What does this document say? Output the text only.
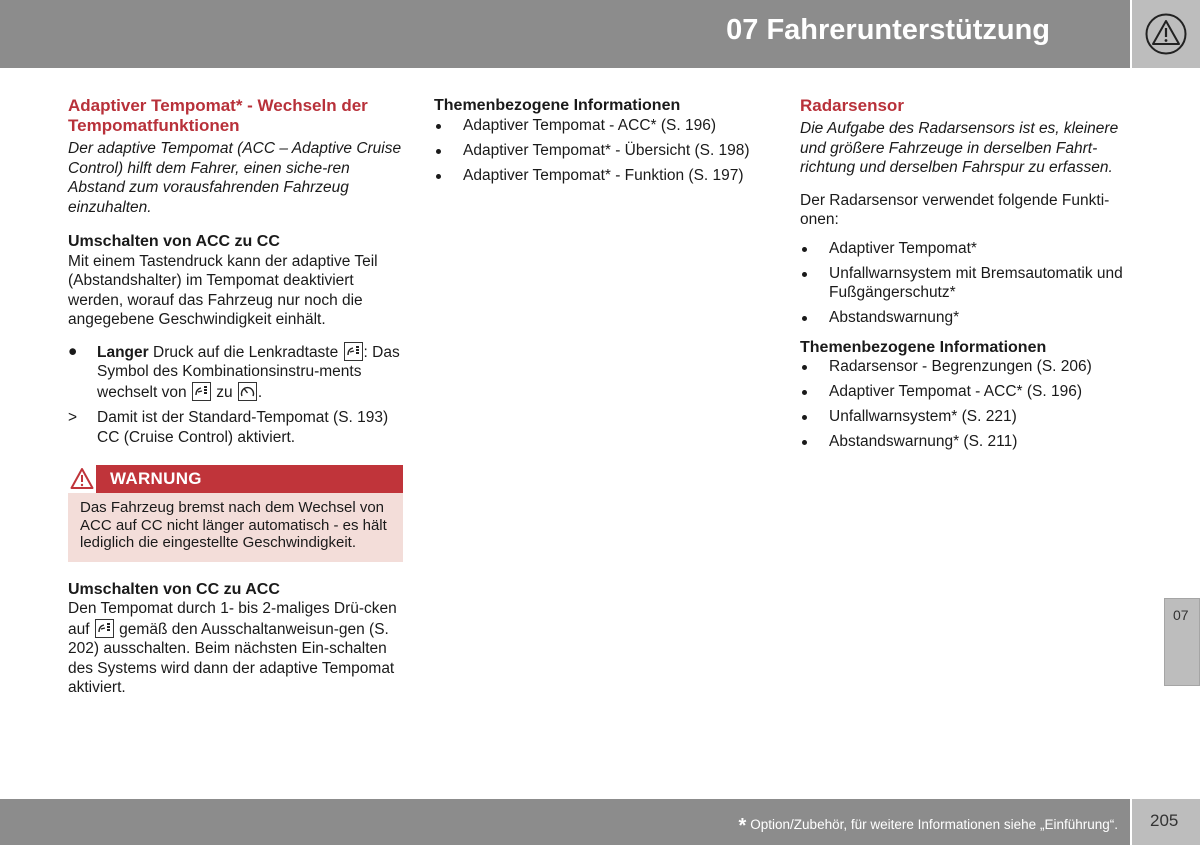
07 Fahrerunterstützung
Adaptiver Tempomat* - Wechseln der Tempomatfunktionen

Der adaptive Tempomat (ACC – Adaptive Cruise Control) hilft dem Fahrer, einen siche-ren Abstand zum vorausfahrenden Fahrzeug einzuhalten.

Umschalten von ACC zu CC

Mit einem Tastendruck kann der adaptive Teil (Abstandshalter) im Tempomat deaktiviert werden, worauf das Fahrzeug nur noch die angegebene Geschwindigkeit einhält.

● Langer Druck auf die Lenkradtaste
: Das Symbol des Kombinationsinstru-ments wechselt von
zu
.
> Damit ist der Standard-Tempomat (S. 193) CC (Cruise Control) aktiviert.
WARNUNG
Das Fahrzeug bremst nach dem Wechsel von ACC auf CC nicht länger automatisch - es hält lediglich die eingestellte Geschwindigkeit.
Umschalten von CC zu ACC

Den Tempomat durch 1- bis 2-maliges Drü-cken auf
gemäß den Ausschaltanweisun-gen (S. 202) ausschalten. Beim nächsten Ein-schalten des Systems wird dann der adaptive Tempomat aktiviert.

Themenbezogene Informationen
Adaptiver Tempomat - ACC* (S. 196)
Adaptiver Tempomat* - Übersicht (S. 198)
Adaptiver Tempomat* - Funktion (S. 197)
Radarsensor

Die Aufgabe des Radarsensors ist es, kleinere und größere Fahrzeuge in derselben Fahrt-richtung und derselben Fahrspur zu erfassen.

Der Radarsensor verwendet folgende Funkti-onen:

Adaptiver Tempomat*
Unfallwarnsystem mit Bremsautomatik und Fußgängerschutz*
Abstandswarnung*
Themenbezogene Informationen
Radarsensor - Begrenzungen (S. 206)
Adaptiver Tempomat - ACC* (S. 196)
Unfallwarnsystem* (S. 221)
Abstandswarnung* (S. 211)
07
* Option/Zubehör, für weitere Informationen siehe „Einführung“. 205
